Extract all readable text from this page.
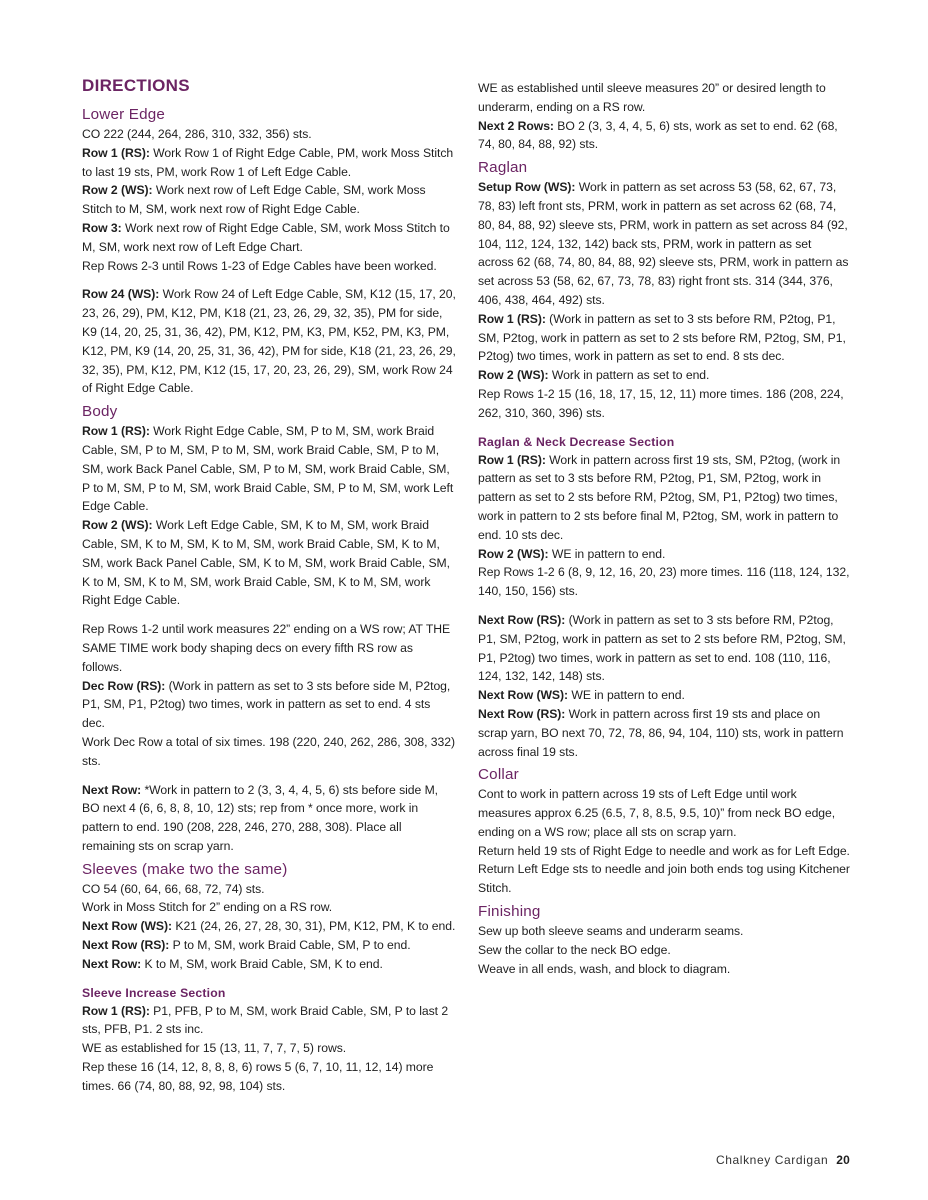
DIRECTIONS
Lower Edge

CO 222 (244, 264, 286, 310, 332, 356) sts.

Row 1 (RS): Work Row 1 of Right Edge Cable, PM, work Moss Stitch to last 19 sts, PM, work Row 1 of Left Edge Cable.

Row 2 (WS): Work next row of Left Edge Cable, SM, work Moss Stitch to M, SM, work next row of Right Edge Cable.

Row 3: Work next row of Right Edge Cable, SM, work Moss Stitch to M, SM, work next row of Left Edge Chart.

Rep Rows 2-3 until Rows 1-23 of Edge Cables have been worked.

Row 24 (WS): Work Row 24 of Left Edge Cable, SM, K12 (15, 17, 20, 23, 26, 29), PM, K12, PM, K18 (21, 23, 26, 29, 32, 35), PM for side, K9 (14, 20, 25, 31, 36, 42), PM, K12, PM, K3, PM, K52, PM, K3, PM, K12, PM, K9 (14, 20, 25, 31, 36, 42), PM for side, K18 (21, 23, 26, 29, 32, 35), PM, K12, PM, K12 (15, 17, 20, 23, 26, 29), SM, work Row 24 of Right Edge Cable.

Body

Row 1 (RS): Work Right Edge Cable, SM, P to M, SM, work Braid Cable, SM, P to M, SM, P to M, SM, work Braid Cable, SM, P to M, SM, work Back Panel Cable, SM, P to M, SM, work Braid Cable, SM, P to M, SM, P to M, SM, work Braid Cable, SM, P to M, SM, work Left Edge Cable.

Row 2 (WS): Work Left Edge Cable, SM, K to M, SM, work Braid Cable, SM, K to M, SM, K to M, SM, work Braid Cable, SM, K to M, SM, work Back Panel Cable, SM, K to M, SM, work Braid Cable, SM, K to M, SM, K to M, SM, work Braid Cable, SM, K to M, SM, work Right Edge Cable.

Rep Rows 1-2 until work measures 22” ending on a WS row; AT THE SAME TIME work body shaping decs on every fifth RS row as follows.

Dec Row (RS): (Work in pattern as set to 3 sts before side M, P2tog, P1, SM, P1, P2tog) two times, work in pattern as set to end. 4 sts dec.

Work Dec Row a total of six times. 198 (220, 240, 262, 286, 308, 332) sts.

Next Row: *Work in pattern to 2 (3, 3, 4, 4, 5, 6) sts before side M, BO next 4 (6, 6, 8, 8, 10, 12) sts; rep from * once more, work in pattern to end. 190 (208, 228, 246, 270, 288, 308). Place all remaining sts on scrap yarn.

Sleeves (make two the same)

CO 54 (60, 64, 66, 68, 72, 74) sts.

Work in Moss Stitch for 2” ending on a RS row.

Next Row (WS): K21 (24, 26, 27, 28, 30, 31), PM, K12, PM, K to end.

Next Row (RS): P to M, SM, work Braid Cable, SM, P to end.

Next Row: K to M, SM, work Braid Cable, SM, K to end.

Sleeve Increase Section

Row 1 (RS): P1, PFB, P to M, SM, work Braid Cable, SM, P to last 2 sts, PFB, P1. 2 sts inc.

WE as established for 15 (13, 11, 7, 7, 7, 5) rows.

Rep these 16 (14, 12, 8, 8, 8, 6) rows 5 (6, 7, 10, 11, 12, 14) more times. 66 (74, 80, 88, 92, 98, 104) sts.

WE as established until sleeve measures 20” or desired length to underarm, ending on a RS row.

Next 2 Rows: BO 2 (3, 3, 4, 4, 5, 6) sts, work as set to end. 62 (68, 74, 80, 84, 88, 92) sts.

Raglan

Setup Row (WS): Work in pattern as set across 53 (58, 62, 67, 73, 78, 83) left front sts, PRM, work in pattern as set across 62 (68, 74, 80, 84, 88, 92) sleeve sts, PRM, work in pattern as set across 84 (92, 104, 112, 124, 132, 142) back sts, PRM, work in pattern as set across 62 (68, 74, 80, 84, 88, 92) sleeve sts, PRM, work in pattern as set across 53 (58, 62, 67, 73, 78, 83) right front sts. 314 (344, 376, 406, 438, 464, 492) sts.

Row 1 (RS): (Work in pattern as set to 3 sts before RM, P2tog, P1, SM, P2tog, work in pattern as set to 2 sts before RM, P2tog, SM, P1, P2tog) two times, work in pattern as set to end. 8 sts dec.

Row 2 (WS): Work in pattern as set to end.

Rep Rows 1-2 15 (16, 18, 17, 15, 12, 11) more times. 186 (208, 224, 262, 310, 360, 396) sts.

Raglan & Neck Decrease Section

Row 1 (RS): Work in pattern across first 19 sts, SM, P2tog, (work in pattern as set to 3 sts before RM, P2tog, P1, SM, P2tog, work in pattern as set to 2 sts before RM, P2tog, SM, P1, P2tog) two times, work in pattern to 2 sts before final M, P2tog, SM, work in pattern to end. 10 sts dec.

Row 2 (WS): WE in pattern to end.

Rep Rows 1-2 6 (8, 9, 12, 16, 20, 23) more times. 116 (118, 124, 132, 140, 150, 156) sts.

Next Row (RS): (Work in pattern as set to 3 sts before RM, P2tog, P1, SM, P2tog, work in pattern as set to 2 sts before RM, P2tog, SM, P1, P2tog) two times, work in pattern as set to end. 108 (110, 116, 124, 132, 142, 148) sts.

Next Row (WS): WE in pattern to end.

Next Row (RS): Work in pattern across first 19 sts and place on scrap yarn, BO next 70, 72, 78, 86, 94, 104, 110) sts, work in pattern across final 19 sts.

Collar

Cont to work in pattern across 19 sts of Left Edge until work measures approx 6.25 (6.5, 7, 8, 8.5, 9.5, 10)” from neck BO edge, ending on a WS row; place all sts on scrap yarn.

Return held 19 sts of Right Edge to needle and work as for Left Edge.

Return Left Edge sts to needle and join both ends tog using Kitchener Stitch.

Finishing

Sew up both sleeve seams and underarm seams.

Sew the collar to the neck BO edge.

Weave in all ends, wash, and block to diagram.

Chalkney Cardigan 20
